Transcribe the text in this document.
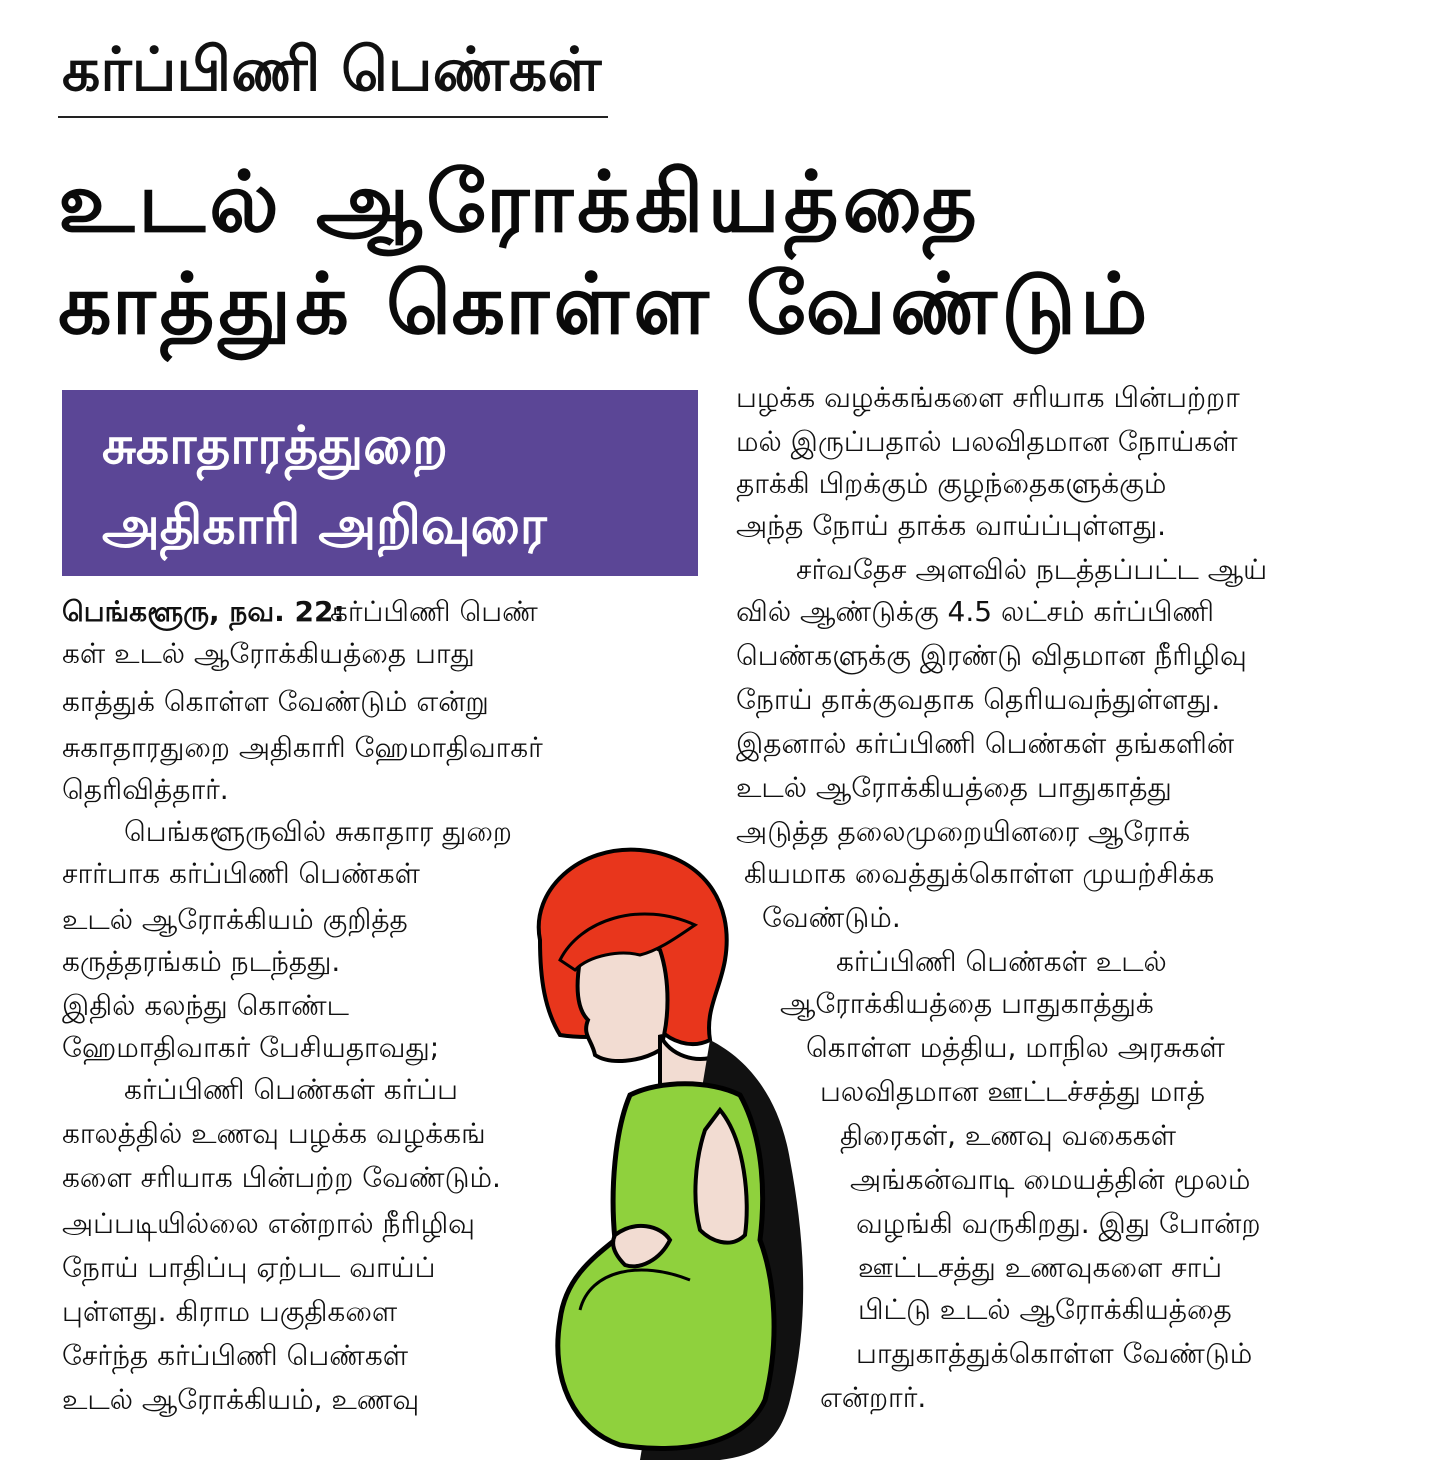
கர்ப்பிணி பெண்கள்
உடல் ஆரோக்கியத்தை
காத்துக் கொள்ள வேண்டும்
சுகாதாரத்துறை
அதிகாரி அறிவுரை
பெங்களூரு, நவ. 22:
கர்ப்பிணி பெண்
கள் உடல் ஆரோக்கியத்தை பாது
காத்துக் கொள்ள வேண்டும் என்று
சுகாதாரதுறை அதிகாரி ஹேமாதிவாகர்
தெரிவித்தார்.
பெங்களூருவில் சுகாதார துறை
சார்பாக கர்ப்பிணி பெண்கள்
உடல் ஆரோக்கியம் குறித்த
கருத்தரங்கம் நடந்தது.
இதில் கலந்து கொண்ட
ஹேமாதிவாகர் பேசியதாவது;
கர்ப்பிணி பெண்கள் கர்ப்ப
காலத்தில் உணவு பழக்க வழக்கங்
களை சரியாக பின்பற்ற வேண்டும்.
அப்படியில்லை என்றால் நீரிழிவு
நோய் பாதிப்பு ஏற்பட வாய்ப்
புள்ளது. கிராம பகுதிகளை
சேர்ந்த கர்ப்பிணி பெண்கள்
உடல் ஆரோக்கியம், உணவு
பழக்க வழக்கங்களை சரியாக பின்பற்றா
மல் இருப்பதால் பலவிதமான நோய்கள்
தாக்கி பிறக்கும் குழந்தைகளுக்கும்
அந்த நோய் தாக்க வாய்ப்புள்ளது.
சர்வதேச அளவில் நடத்தப்பட்ட ஆய்
வில் ஆண்டுக்கு 4.5 லட்சம் கர்ப்பிணி
பெண்களுக்கு இரண்டு விதமான நீரிழிவு
நோய் தாக்குவதாக தெரியவந்துள்ளது.
இதனால் கர்ப்பிணி பெண்கள் தங்களின்
உடல் ஆரோக்கியத்தை பாதுகாத்து
அடுத்த தலைமுறையினரை ஆரோக்
கியமாக வைத்துக்கொள்ள முயற்சிக்க
வேண்டும்.
கர்ப்பிணி பெண்கள் உடல்
ஆரோக்கியத்தை பாதுகாத்துக்
கொள்ள மத்திய, மாநில அரசுகள்
பலவிதமான ஊட்டச்சத்து மாத்
திரைகள், உணவு வகைகள்
அங்கன்வாடி மையத்தின் மூலம்
வழங்கி வருகிறது. இது போன்ற
ஊட்டசத்து உணவுகளை சாப்
பிட்டு உடல் ஆரோக்கியத்தை
பாதுகாத்துக்கொள்ள வேண்டும்
என்றார்.
